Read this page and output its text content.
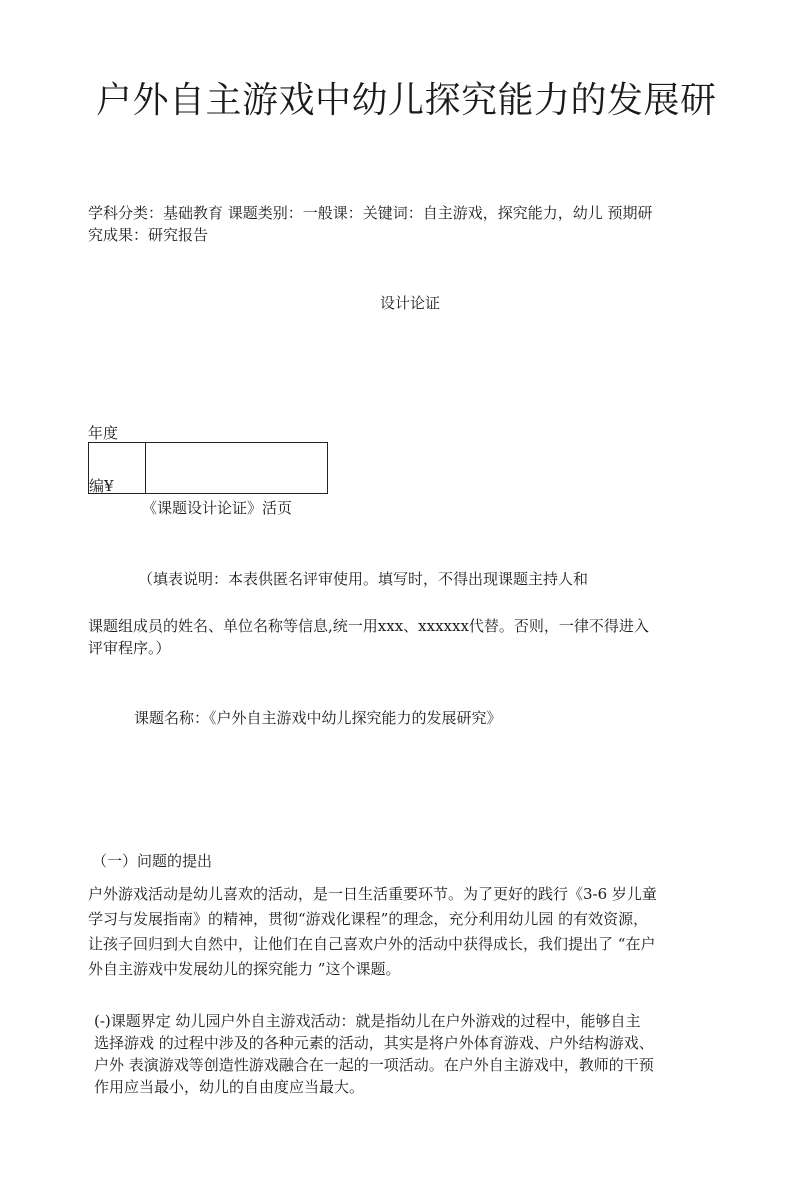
户外自主游戏中幼儿探究能力的发展研

学科分类：基础教育 课题类别：一般课：关键词：自主游戏，探究能力，幼儿 预期研

究成果：研究报告

设计论证
年度
编¥
《课题设计论证》活页
（填表说明：本表供匿名评审使用。填写时，不得出现课题主持人和

课题组成员的姓名、单位名称等信息,统一用xxx、xxxxxx代替。否则，一律不得进入

评审程序。）

课题名称：《户外自主游戏中幼儿探究能力的发展研究》
（一）问题的提出

户外游戏活动是幼儿喜欢的活动，是一日生活重要环节。为了更好的践行《3-6 岁儿童

学习与发展指南》的精神，贯彻“游戏化课程”的理念，充分利用幼儿园 的有效资源，

让孩子回归到大自然中，让他们在自己喜欢户外的活动中获得成长，我们提出了 “在户

外自主游戏中发展幼儿的探究能力 ”这个课题。

(-)课题界定 幼儿园户外自主游戏活动：就是指幼儿在户外游戏的过程中，能够自主

选择游戏 的过程中涉及的各种元素的活动，其实是将户外体育游戏、户外结构游戏、

户外 表演游戏等创造性游戏融合在一起的一项活动。在户外自主游戏中，教师的干预

作用应当最小，幼儿的自由度应当最大。
